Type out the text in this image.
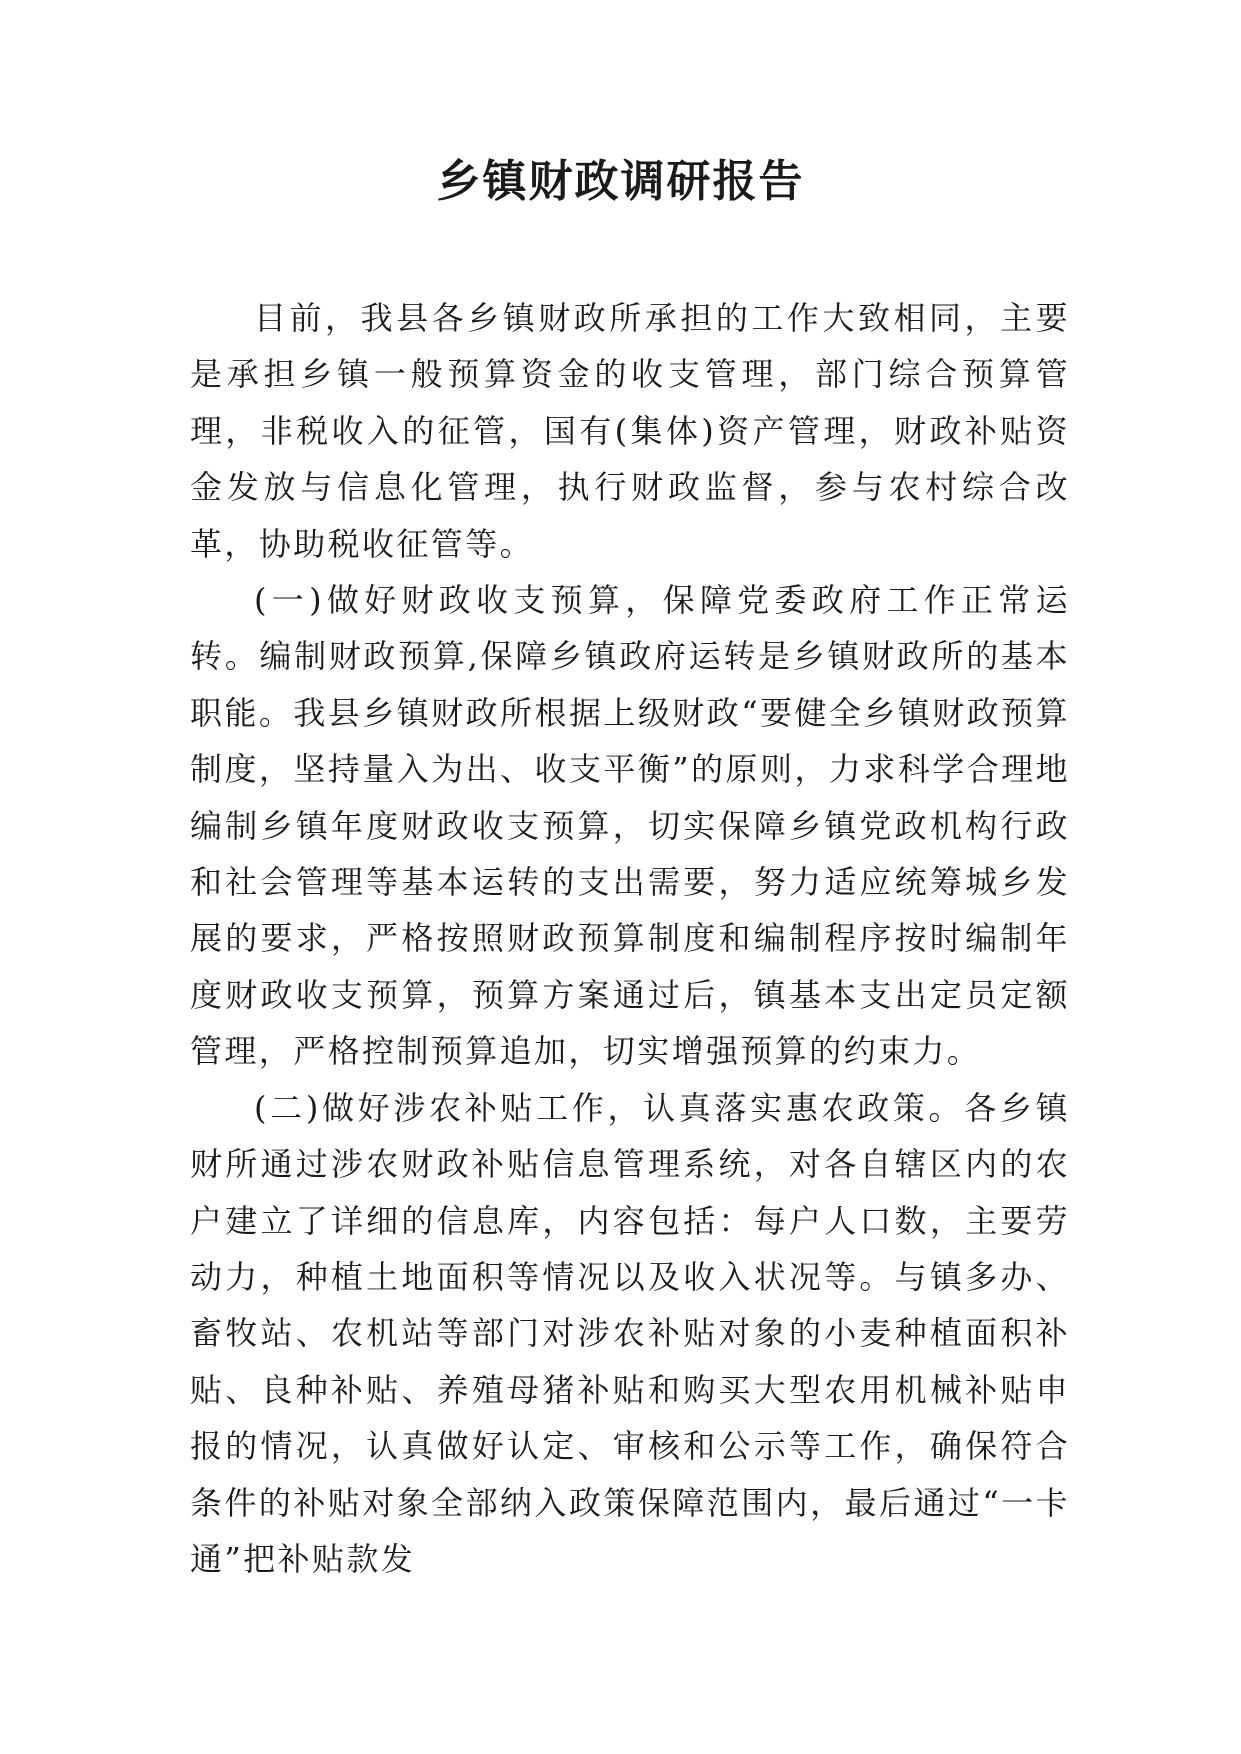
乡镇财政调研报告

目前，我县各乡镇财政所承担的工作大致相同，主要是承担乡镇一般预算资金的收支管理，部门综合预算管理，非税收入的征管，国有(集体)资产管理，财政补贴资金发放与信息化管理，执行财政监督，参与农村综合改革，协助税收征管等。

(一)做好财政收支预算，保障党委政府工作正常运转。编制财政预算,保障乡镇政府运转是乡镇财政所的基本职能。我县乡镇财政所根据上级财政“要健全乡镇财政预算制度，坚持量入为出、收支平衡”的原则，力求科学合理地编制乡镇年度财政收支预算，切实保障乡镇党政机构行政和社会管理等基本运转的支出需要，努力适应统筹城乡发展的要求，严格按照财政预算制度和编制程序按时编制年度财政收支预算，预算方案通过后，镇基本支出定员定额管理，严格控制预算追加，切实增强预算的约束力。

(二)做好涉农补贴工作，认真落实惠农政策。各乡镇财所通过涉农财政补贴信息管理系统，对各自辖区内的农户建立了详细的信息库，内容包括：每户人口数，主要劳动力，种植土地面积等情况以及收入状况等。与镇多办、畜牧站、农机站等部门对涉农补贴对象的小麦种植面积补贴、良种补贴、养殖母猪补贴和购买大型农用机械补贴申报的情况，认真做好认定、审核和公示等工作，确保符合条件的补贴对象全部纳入政策保障范围内，最后通过“一卡通”把补贴款发
